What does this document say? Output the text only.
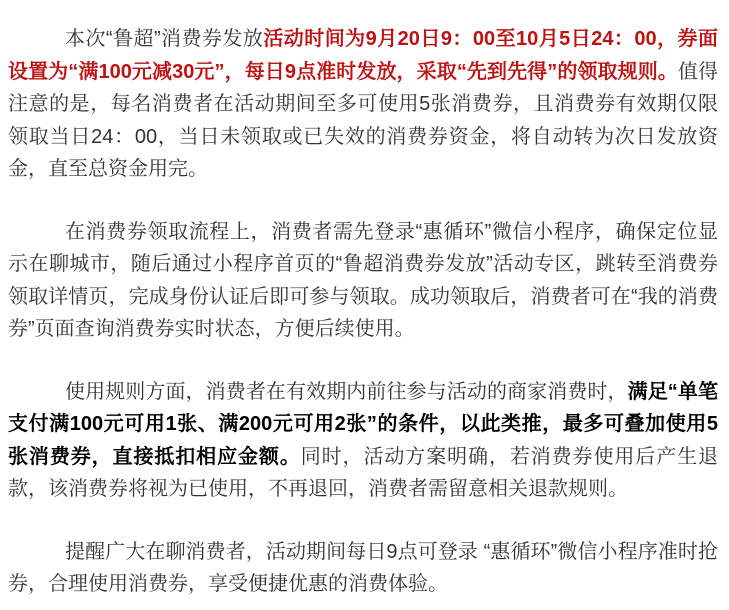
本次“鲁超”消费券发放活动时间为9月20日9：00至10月5日24：00，券面设置为“满100元减30元”，每日9点准时发放，采取“先到先得”的领取规则。值得注意的是，每名消费者在活动期间至多可使用5张消费券，且消费券有效期仅限领取当日24：00，当日未领取或已失效的消费券资金，将自动转为次日发放资金，直至总资金用完。

在消费券领取流程上，消费者需先登录“惠循环”微信小程序，确保定位显示在聊城市，随后通过小程序首页的“鲁超消费券发放”活动专区，跳转至消费券领取详情页，完成身份认证后即可参与领取。成功领取后，消费者可在“我的消费券”页面查询消费券实时状态，方便后续使用。

使用规则方面，消费者在有效期内前往参与活动的商家消费时，满足“单笔支付满100元可用1张、满200元可用2张”的条件，以此类推，最多可叠加使用5张消费券，直接抵扣相应金额。同时，活动方案明确，若消费券使用后产生退款，该消费券将视为已使用，不再退回，消费者需留意相关退款规则。

提醒广大在聊消费者，活动期间每日9点可登录 “惠循环”微信小程序准时抢券，合理使用消费券，享受便捷优惠的消费体验。
